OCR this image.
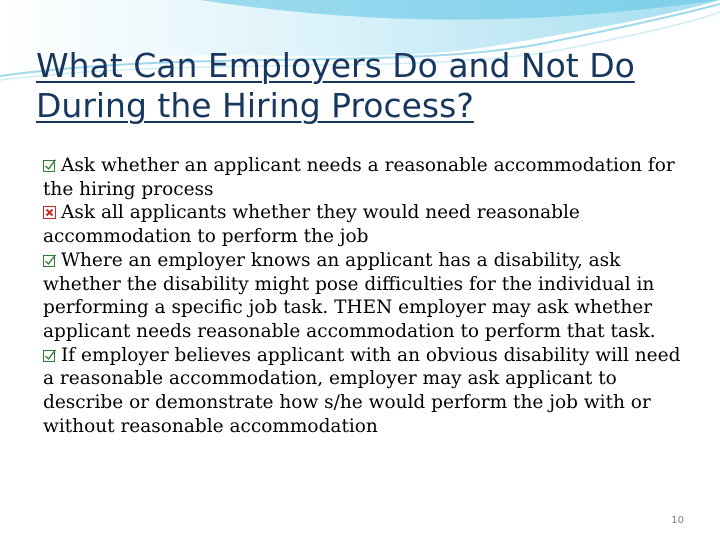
What Can Employers Do and Not Do During the Hiring Process?

Ask whether an applicant needs a reasonable accommodation for the hiring process

Ask all applicants whether they would need reasonable accommodation to perform the job

Where an employer knows an applicant has a disability, ask whether the disability might pose difficulties for the individual in performing a specific job task. THEN employer may ask whether applicant needs reasonable accommodation to perform that task.

If employer believes applicant with an obvious disability will need a reasonable accommodation, employer may ask applicant to describe or demonstrate how s/he would perform the job with or without reasonable accommodation

10
